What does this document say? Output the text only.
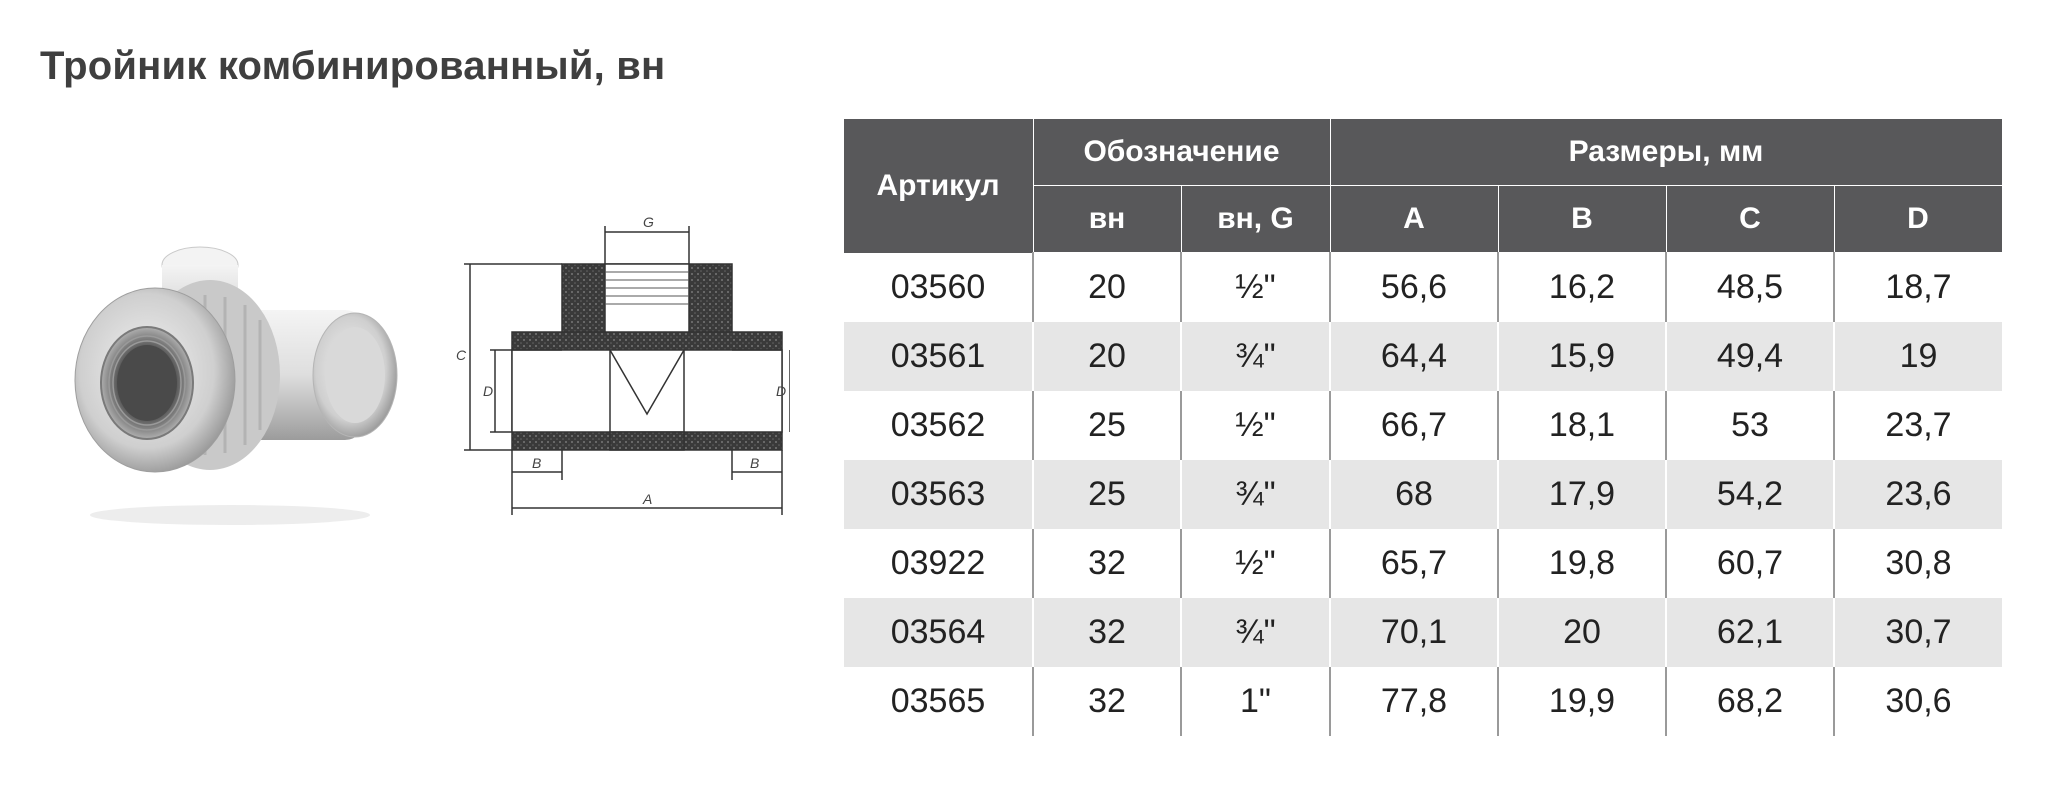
Тройник комбинированный, вн
G
C
D	D
B	B
A
Артикул	Обозначение		Размеры, мм			
	вн	вн, G	A	B	C	D
03560	20	½"	56,6	16,2	48,5	18,7
03561	20	¾"	64,4	15,9	49,4	19
03562	25	½"	66,7	18,1	53	23,7
03563	25	¾"	68	17,9	54,2	23,6
03922	32	½"	65,7	19,8	60,7	30,8
03564	32	¾"	70,1	20	62,1	30,7
03565	32	1"	77,8	19,9	68,2	30,6
